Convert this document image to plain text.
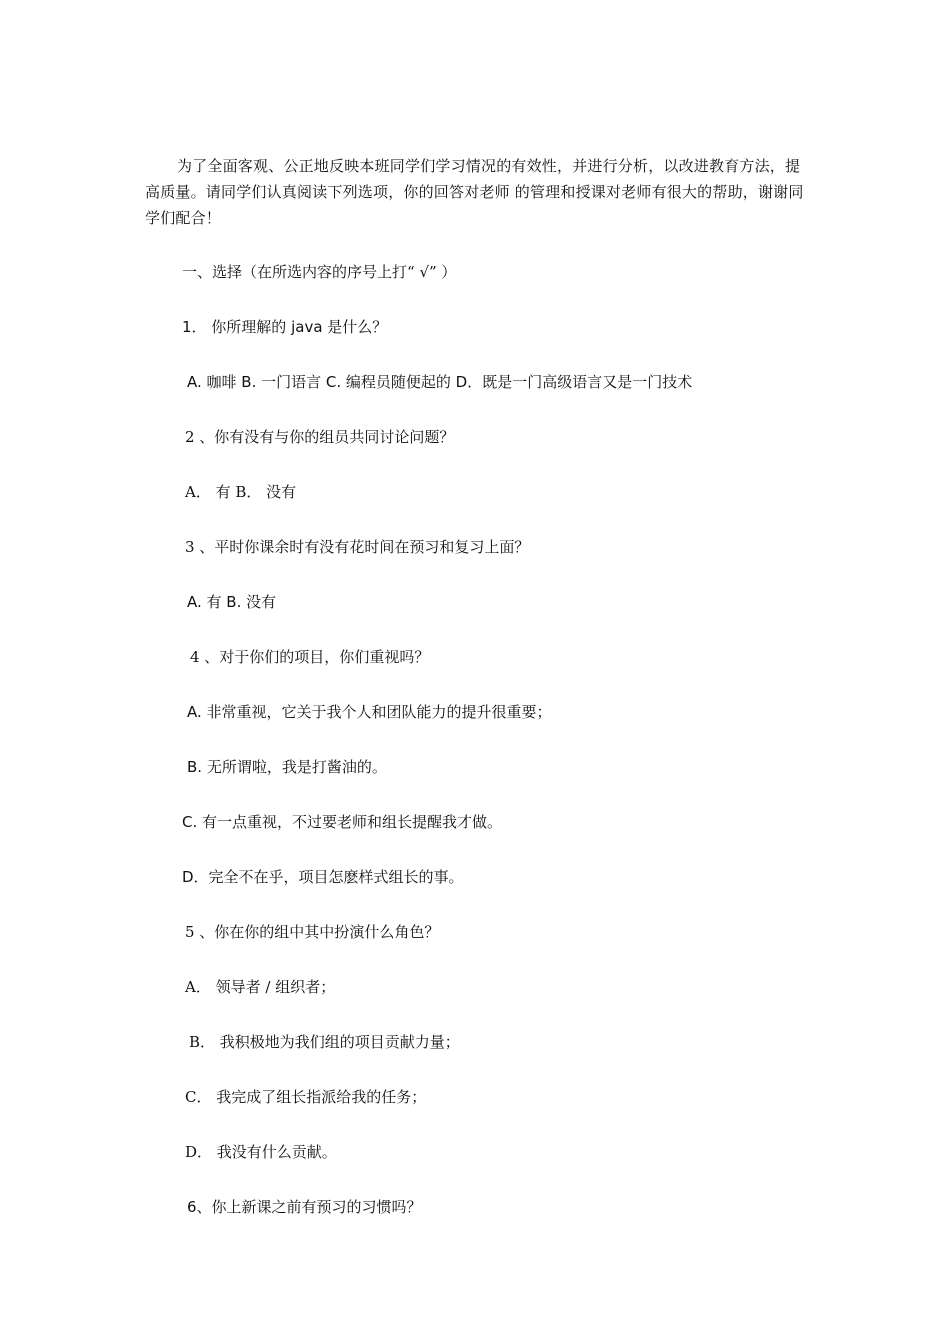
为了全面客观、公正地反映本班同学们学习情况的有效性，并进行分析，以改进教育方法，提高质量。请同学们认真阅读下列选项，你的回答对老师 的管理和授课对老师有很大的帮助，谢谢同学们配合！

一、选择（在所选内容的序号上打“ √” ）

1． 你所理解的 java 是什么？

A. 咖啡 B. 一门语言 C. 编程员随便起的 D．既是一门高级语言又是一门技术

2 、你有没有与你的组员共同讨论问题？

A． 有 B． 没有

3 、平时你课余时有没有花时间在预习和复习上面？

A. 有 B. 没有

4 、对于你们的项目，你们重视吗？

A. 非常重视，它关于我个人和团队能力的提升很重要；

B. 无所谓啦，我是打酱油的。

C. 有一点重视，不过要老师和组长提醒我才做。

D．完全不在乎，项目怎麽样式组长的事。

5 、你在你的组中其中扮演什么角色？

A． 领导者 / 组织者；

B． 我积极地为我们组的项目贡献力量；

C． 我完成了组长指派给我的任务；

D． 我没有什么贡献。

6、你上新课之前有预习的习惯吗？
